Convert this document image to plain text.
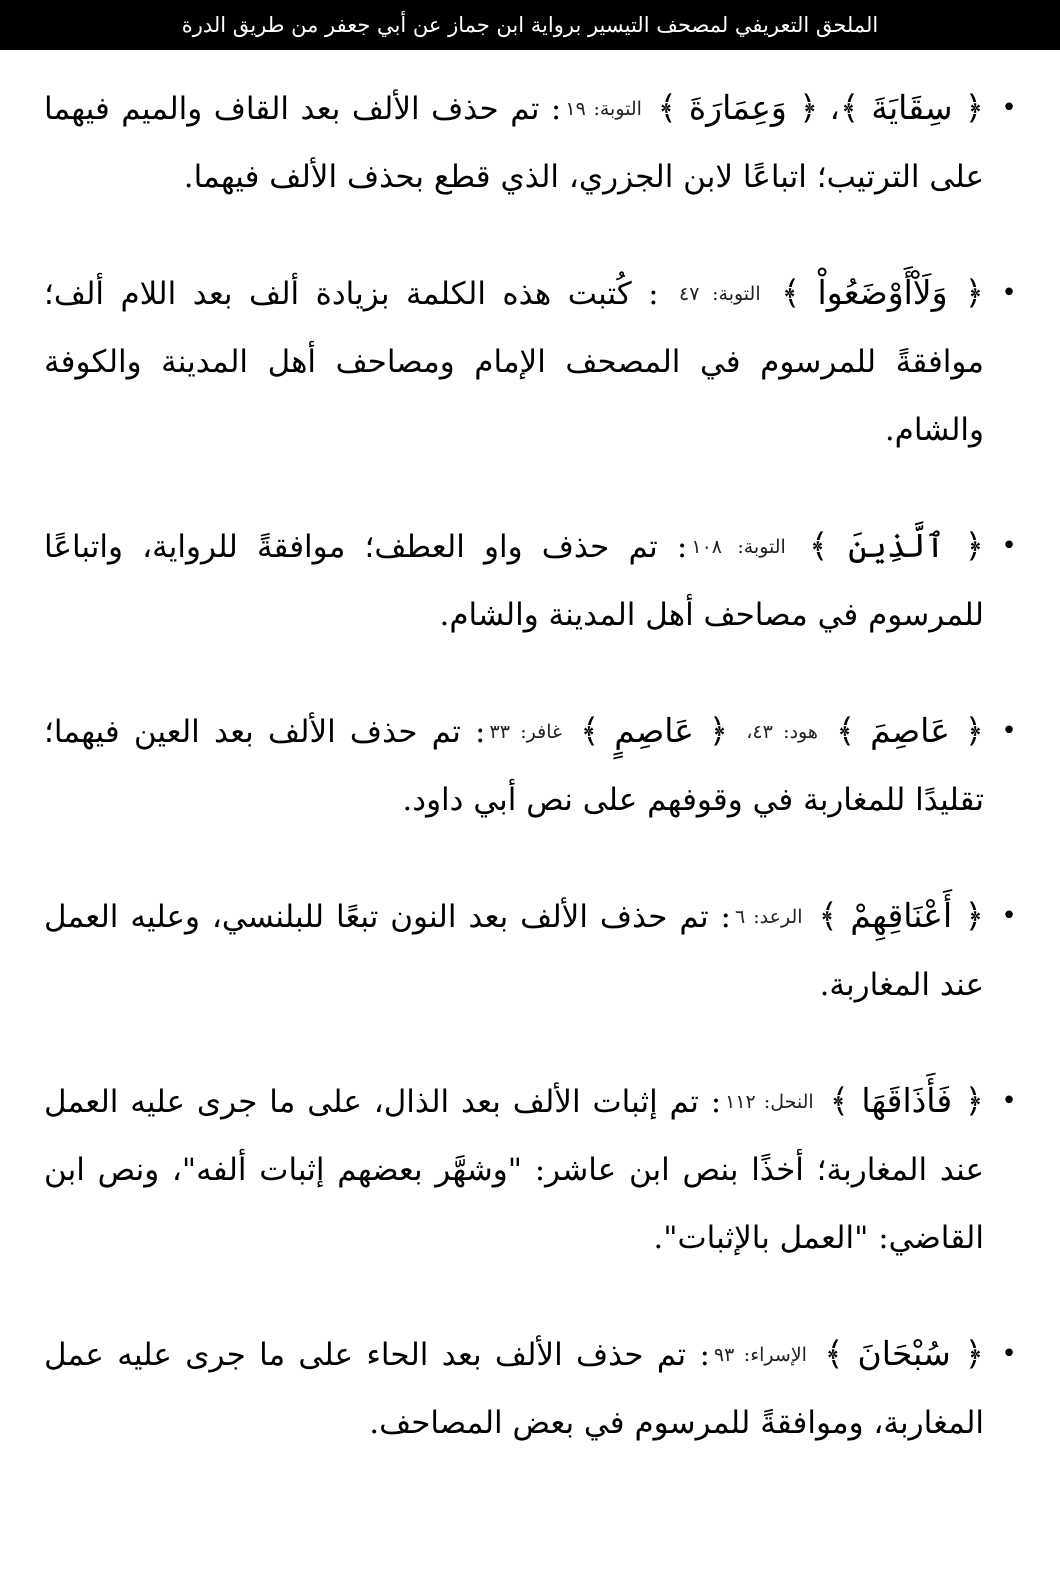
الملحق التعريفي لمصحف التيسير برواية ابن جماز عن أبي جعفر من طريق الدرة

•
﴿ سِقَايَةَ ﴾، ﴿ وَعِمَارَةَ ﴾ التوبة: ١٩: تم حذف الألف بعد القاف والميم فيهما على الترتيب؛ اتباعًا لابن الجزري، الذي قطع بحذف الألف فيهما.

•
﴿ وَلَاْأَوْضَعُواْ ﴾ التوبة: ٤٧ : كُتبت هذه الكلمة بزيادة ألف بعد اللام ألف؛ موافقةً للمرسوم في المصحف الإمام ومصاحف أهل المدينة والكوفة والشام.

•
﴿ ٱلَّذِينَ ﴾ التوبة: ١٠٨: تم حذف واو العطف؛ موافقةً للرواية، واتباعًا للمرسوم في مصاحف أهل المدينة والشام.

•
﴿ عَاصِمَ ﴾ هود: ٤٣، ﴿ عَاصِمٍ ﴾ غافر: ٣٣: تم حذف الألف بعد العين فيهما؛ تقليدًا للمغاربة في وقوفهم على نص أبي داود.

•
﴿ أَعْنَاقِهِمْ ﴾ الرعد: ٦: تم حذف الألف بعد النون تبعًا للبلنسي، وعليه العمل عند المغاربة.

•
﴿ فَأَذَاقَهَا ﴾ النحل: ١١٢: تم إثبات الألف بعد الذال، على ما جرى عليه العمل عند المغاربة؛ أخذًا بنص ابن عاشر: "وشهَّر بعضهم إثبات ألفه"، ونص ابن القاضي: "العمل بالإثبات".

•
﴿ سُبْحَانَ ﴾ الإسراء: ٩٣: تم حذف الألف بعد الحاء على ما جرى عليه عمل المغاربة، وموافقةً للمرسوم في بعض المصاحف.
